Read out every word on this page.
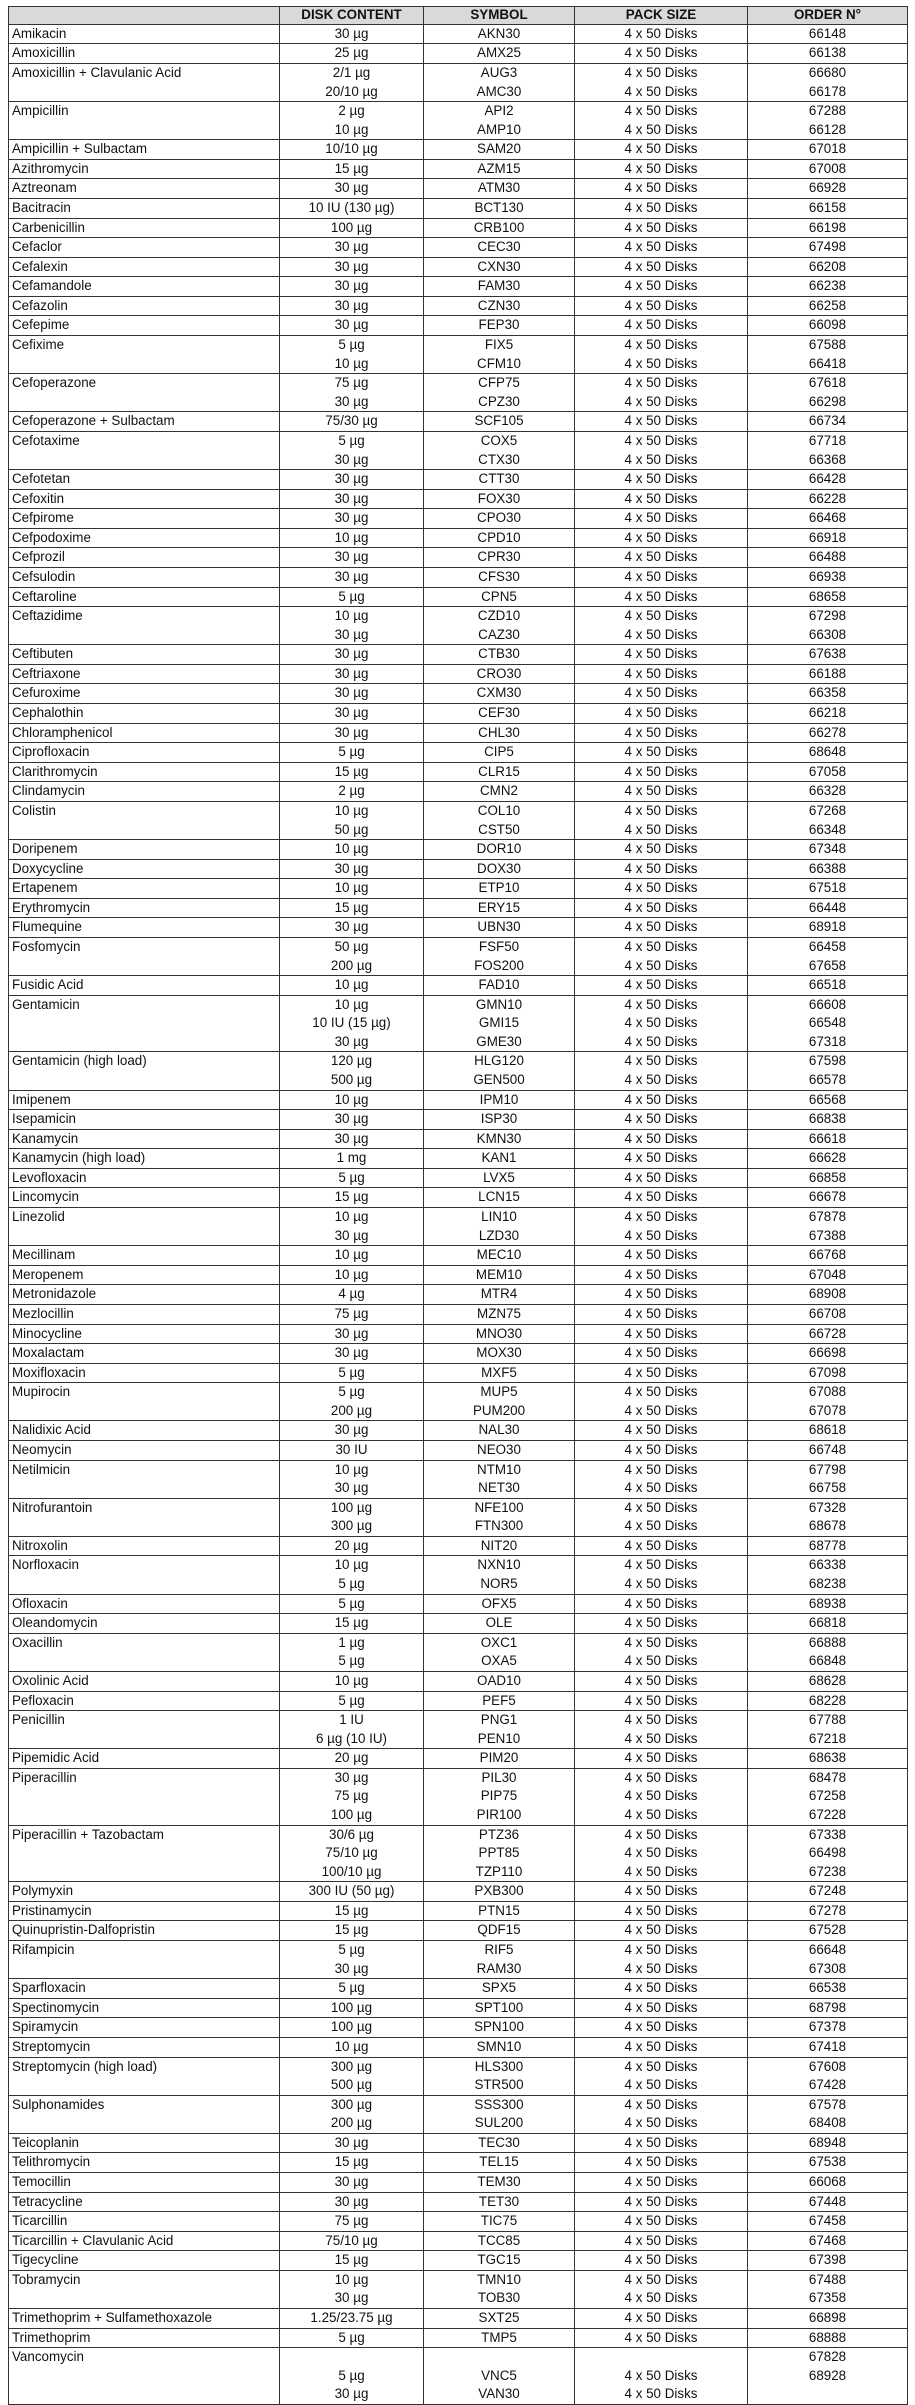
	DISK CONTENT	SYMBOL	PACK SIZE	ORDER N°
Amikacin	30 µg	AKN30	4 x 50 Disks	66148
Amoxicillin	25 µg	AMX25	4 x 50 Disks	66138
Amoxicillin + Clavulanic Acid	2/1 µg	AUG3	4 x 50 Disks	66680
	20/10 µg	AMC30	4 x 50 Disks	66178
Ampicillin	2 µg	API2	4 x 50 Disks	67288
	10 µg	AMP10	4 x 50 Disks	66128
Ampicillin + Sulbactam	10/10 µg	SAM20	4 x 50 Disks	67018
Azithromycin	15 µg	AZM15	4 x 50 Disks	67008
Aztreonam	30 µg	ATM30	4 x 50 Disks	66928
Bacitracin	10 IU (130 µg)	BCT130	4 x 50 Disks	66158
Carbenicillin	100 µg	CRB100	4 x 50 Disks	66198
Cefaclor	30 µg	CEC30	4 x 50 Disks	67498
Cefalexin	30 µg	CXN30	4 x 50 Disks	66208
Cefamandole	30 µg	FAM30	4 x 50 Disks	66238
Cefazolin	30 µg	CZN30	4 x 50 Disks	66258
Cefepime	30 µg	FEP30	4 x 50 Disks	66098
Cefixime	5 µg	FIX5	4 x 50 Disks	67588
	10 µg	CFM10	4 x 50 Disks	66418
Cefoperazone	75 µg	CFP75	4 x 50 Disks	67618
	30 µg	CPZ30	4 x 50 Disks	66298
Cefoperazone + Sulbactam	75/30 µg	SCF105	4 x 50 Disks	66734
Cefotaxime	5 µg	COX5	4 x 50 Disks	67718
	30 µg	CTX30	4 x 50 Disks	66368
Cefotetan	30 µg	CTT30	4 x 50 Disks	66428
Cefoxitin	30 µg	FOX30	4 x 50 Disks	66228
Cefpirome	30 µg	CPO30	4 x 50 Disks	66468
Cefpodoxime	10 µg	CPD10	4 x 50 Disks	66918
Cefprozil	30 µg	CPR30	4 x 50 Disks	66488
Cefsulodin	30 µg	CFS30	4 x 50 Disks	66938
Ceftaroline	5 µg	CPN5	4 x 50 Disks	68658
Ceftazidime	10 µg	CZD10	4 x 50 Disks	67298
	30 µg	CAZ30	4 x 50 Disks	66308
Ceftibuten	30 µg	CTB30	4 x 50 Disks	67638
Ceftriaxone	30 µg	CRO30	4 x 50 Disks	66188
Cefuroxime	30 µg	CXM30	4 x 50 Disks	66358
Cephalothin	30 µg	CEF30	4 x 50 Disks	66218
Chloramphenicol	30 µg	CHL30	4 x 50 Disks	66278
Ciprofloxacin	5 µg	CIP5	4 x 50 Disks	68648
Clarithromycin	15 µg	CLR15	4 x 50 Disks	67058
Clindamycin	2 µg	CMN2	4 x 50 Disks	66328
Colistin	10 µg	COL10	4 x 50 Disks	67268
	50 µg	CST50	4 x 50 Disks	66348
Doripenem	10 µg	DOR10	4 x 50 Disks	67348
Doxycycline	30 µg	DOX30	4 x 50 Disks	66388
Ertapenem	10 µg	ETP10	4 x 50 Disks	67518
Erythromycin	15 µg	ERY15	4 x 50 Disks	66448
Flumequine	30 µg	UBN30	4 x 50 Disks	68918
Fosfomycin	50 µg	FSF50	4 x 50 Disks	66458
	200 µg	FOS200	4 x 50 Disks	67658
Fusidic Acid	10 µg	FAD10	4 x 50 Disks	66518
Gentamicin	10 µg	GMN10	4 x 50 Disks	66608
	10 IU (15 µg)	GMI15	4 x 50 Disks	66548
	30 µg	GME30	4 x 50 Disks	67318
Gentamicin (high load)	120 µg	HLG120	4 x 50 Disks	67598
	500 µg	GEN500	4 x 50 Disks	66578
Imipenem	10 µg	IPM10	4 x 50 Disks	66568
Isepamicin	30 µg	ISP30	4 x 50 Disks	66838
Kanamycin	30 µg	KMN30	4 x 50 Disks	66618
Kanamycin (high load)	1 mg	KAN1	4 x 50 Disks	66628
Levofloxacin	5 µg	LVX5	4 x 50 Disks	66858
Lincomycin	15 µg	LCN15	4 x 50 Disks	66678
Linezolid	10 µg	LIN10	4 x 50 Disks	67878
	30 µg	LZD30	4 x 50 Disks	67388
Mecillinam	10 µg	MEC10	4 x 50 Disks	66768
Meropenem	10 µg	MEM10	4 x 50 Disks	67048
Metronidazole	4 µg	MTR4	4 x 50 Disks	68908
Mezlocillin	75 µg	MZN75	4 x 50 Disks	66708
Minocycline	30 µg	MNO30	4 x 50 Disks	66728
Moxalactam	30 µg	MOX30	4 x 50 Disks	66698
Moxifloxacin	5 µg	MXF5	4 x 50 Disks	67098
Mupirocin	5 µg	MUP5	4 x 50 Disks	67088
	200 µg	PUM200	4 x 50 Disks	67078
Nalidixic Acid	30 µg	NAL30	4 x 50 Disks	68618
Neomycin	30 IU	NEO30	4 x 50 Disks	66748
Netilmicin	10 µg	NTM10	4 x 50 Disks	67798
	30 µg	NET30	4 x 50 Disks	66758
Nitrofurantoin	100 µg	NFE100	4 x 50 Disks	67328
	300 µg	FTN300	4 x 50 Disks	68678
Nitroxolin	20 µg	NIT20	4 x 50 Disks	68778
Norfloxacin	10 µg	NXN10	4 x 50 Disks	66338
	5 µg	NOR5	4 x 50 Disks	68238
Ofloxacin	5 µg	OFX5	4 x 50 Disks	68938
Oleandomycin	15 µg	OLE	4 x 50 Disks	66818
Oxacillin	1 µg	OXC1	4 x 50 Disks	66888
	5 µg	OXA5	4 x 50 Disks	66848
Oxolinic Acid	10 µg	OAD10	4 x 50 Disks	68628
Pefloxacin	5 µg	PEF5	4 x 50 Disks	68228
Penicillin	1 IU	PNG1	4 x 50 Disks	67788
	6 µg (10 IU)	PEN10	4 x 50 Disks	67218
Pipemidic Acid	20 µg	PIM20	4 x 50 Disks	68638
Piperacillin	30 µg	PIL30	4 x 50 Disks	68478
	75 µg	PIP75	4 x 50 Disks	67258
	100 µg	PIR100	4 x 50 Disks	67228
Piperacillin + Tazobactam	30/6 µg	PTZ36	4 x 50 Disks	67338
	75/10 µg	PPT85	4 x 50 Disks	66498
	100/10 µg	TZP110	4 x 50 Disks	67238
Polymyxin	300 IU (50 µg)	PXB300	4 x 50 Disks	67248
Pristinamycin	15 µg	PTN15	4 x 50 Disks	67278
Quinupristin-Dalfopristin	15 µg	QDF15	4 x 50 Disks	67528
Rifampicin	5 µg	RIF5	4 x 50 Disks	66648
	30 µg	RAM30	4 x 50 Disks	67308
Sparfloxacin	5 µg	SPX5	4 x 50 Disks	66538
Spectinomycin	100 µg	SPT100	4 x 50 Disks	68798
Spiramycin	100 µg	SPN100	4 x 50 Disks	67378
Streptomycin	10 µg	SMN10	4 x 50 Disks	67418
Streptomycin (high load)	300 µg	HLS300	4 x 50 Disks	67608
	500 µg	STR500	4 x 50 Disks	67428
Sulphonamides	300 µg	SSS300	4 x 50 Disks	67578
	200 µg	SUL200	4 x 50 Disks	68408
Teicoplanin	30 µg	TEC30	4 x 50 Disks	68948
Telithromycin	15 µg	TEL15	4 x 50 Disks	67538
Temocillin	30 µg	TEM30	4 x 50 Disks	66068
Tetracycline	30 µg	TET30	4 x 50 Disks	67448
Ticarcillin	75 µg	TIC75	4 x 50 Disks	67458
Ticarcillin + Clavulanic Acid	75/10 µg	TCC85	4 x 50 Disks	67468
Tigecycline	15 µg	TGC15	4 x 50 Disks	67398
Tobramycin	10 µg	TMN10	4 x 50 Disks	67488
	30 µg	TOB30	4 x 50 Disks	67358
Trimethoprim + Sulfamethoxazole	1.25/23.75 µg	SXT25	4 x 50 Disks	66898
Trimethoprim	5 µg	TMP5	4 x 50 Disks	68888
Vancomycin				67828
	5 µg	VNC5	4 x 50 Disks	68928
	30 µg	VAN30	4 x 50 Disks	
